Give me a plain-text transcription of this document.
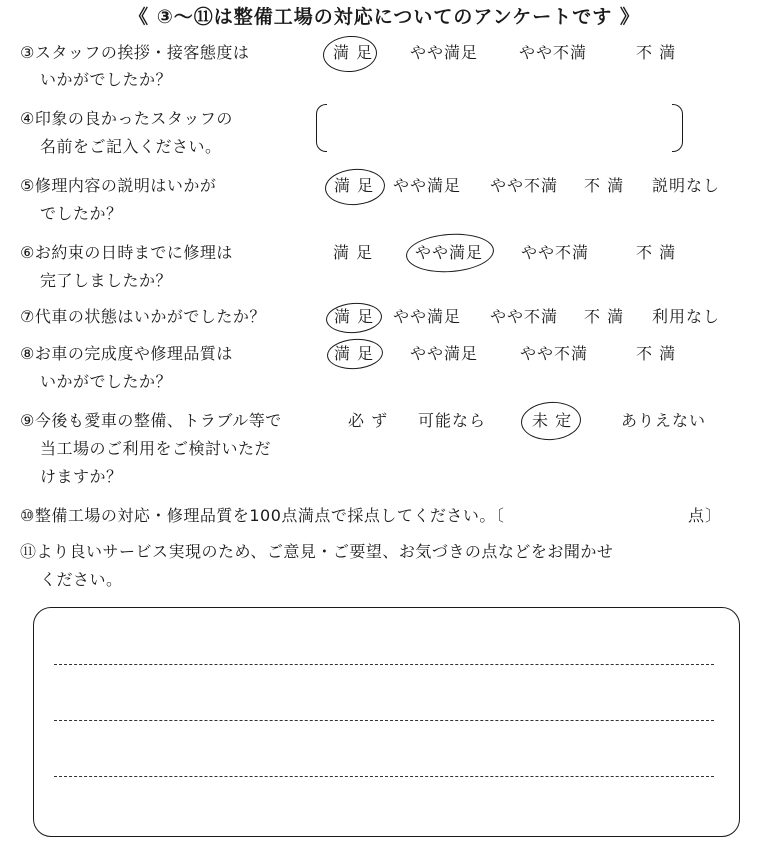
《 ③～⑪は整備工場の対応についてのアンケートです 》
③スタッフの挨拶・接客態度は
いかがでしたか？
満 足 やや満足	やや不満	不 満
④印象の良かったスタッフの
名前をご記入ください。
⑤修理内容の説明はいかが
でしたか？
満 足 やや満足 やや不満 不 満 説明なし
⑥お約束の日時までに修理は
完了しましたか？
満 足	やや満足 やや不満	不 満
⑦代車の状態はいかがでしたか？	満 足 やや満足 やや不満 不 満 利用なし
⑧お車の完成度や修理品質は
いかがでしたか？
満 足 やや満足	やや不満	不 満
⑨今後も愛車の整備、トラブル等で
当工場のご利用をご検討いただ
けますか？
必 ず 可能なら	未 定	ありえない
⑩整備工場の対応・修理品質を100点満点で採点してください。〔	点〕
⑪より良いサービス実現のため、ご意見・ご要望、お気づきの点などをお聞かせ
ください。
